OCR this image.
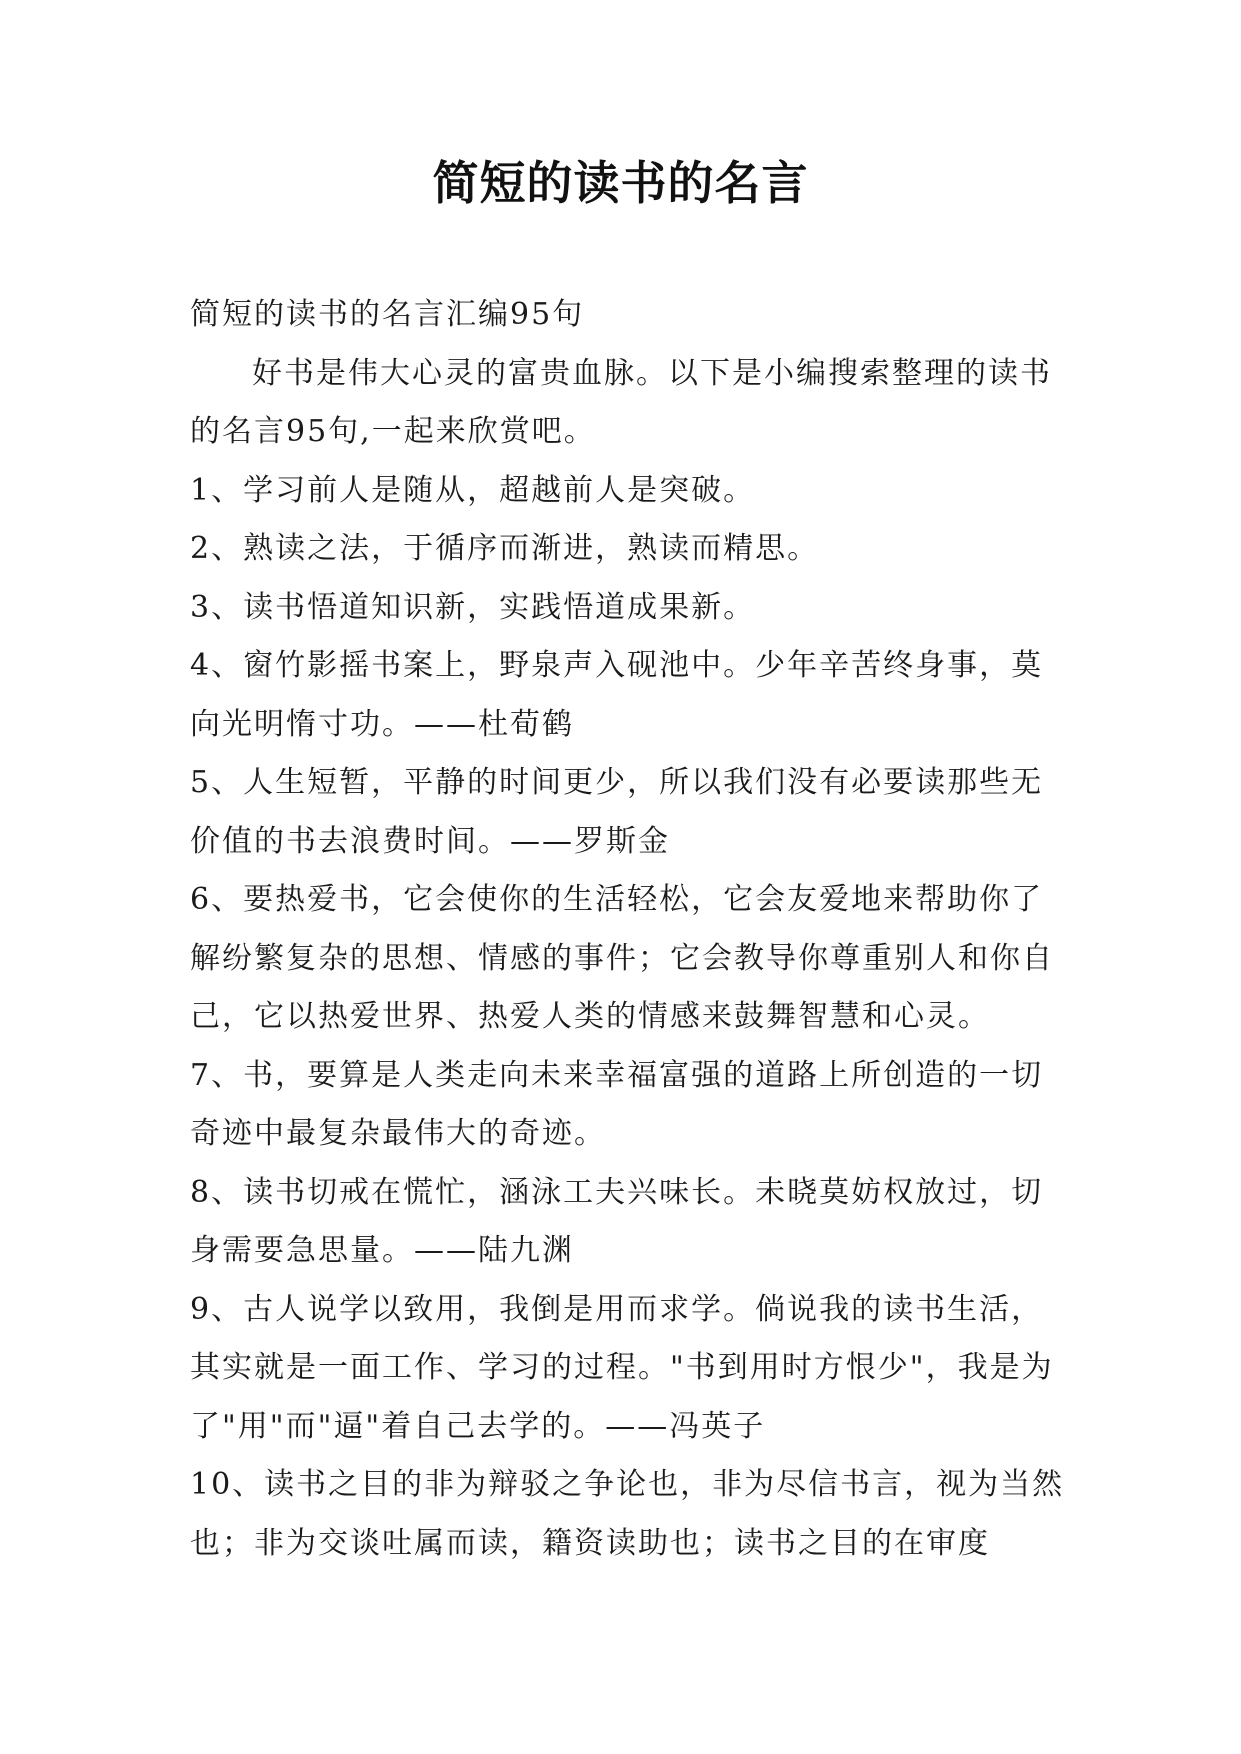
简短的读书的名言

简短的读书的名言汇编95句

好书是伟大心灵的富贵血脉。以下是小编搜索整理的读书的名言95句,一起来欣赏吧。

1、学习前人是随从，超越前人是突破。

2、熟读之法，于循序而渐进，熟读而精思。

3、读书悟道知识新，实践悟道成果新。

4、窗竹影摇书案上，野泉声入砚池中。少年辛苦终身事，莫向光明惰寸功。——杜荀鹤

5、人生短暂，平静的时间更少，所以我们没有必要读那些无价值的书去浪费时间。——罗斯金

6、要热爱书，它会使你的生活轻松，它会友爱地来帮助你了解纷繁复杂的思想、情感的事件；它会教导你尊重别人和你自己，它以热爱世界、热爱人类的情感来鼓舞智慧和心灵。

7、书，要算是人类走向未来幸福富强的道路上所创造的一切奇迹中最复杂最伟大的奇迹。

8、读书切戒在慌忙，涵泳工夫兴味长。未晓莫妨权放过，切身需要急思量。——陆九渊

9、古人说学以致用，我倒是用而求学。倘说我的读书生活，其实就是一面工作、学习的过程。"书到用时方恨少"，我是为了"用"而"逼"着自己去学的。——冯英子

10、读书之目的非为辩驳之争论也，非为尽信书言，视为当然也；非为交谈吐属而读，籍资读助也；读书之目的在审度
